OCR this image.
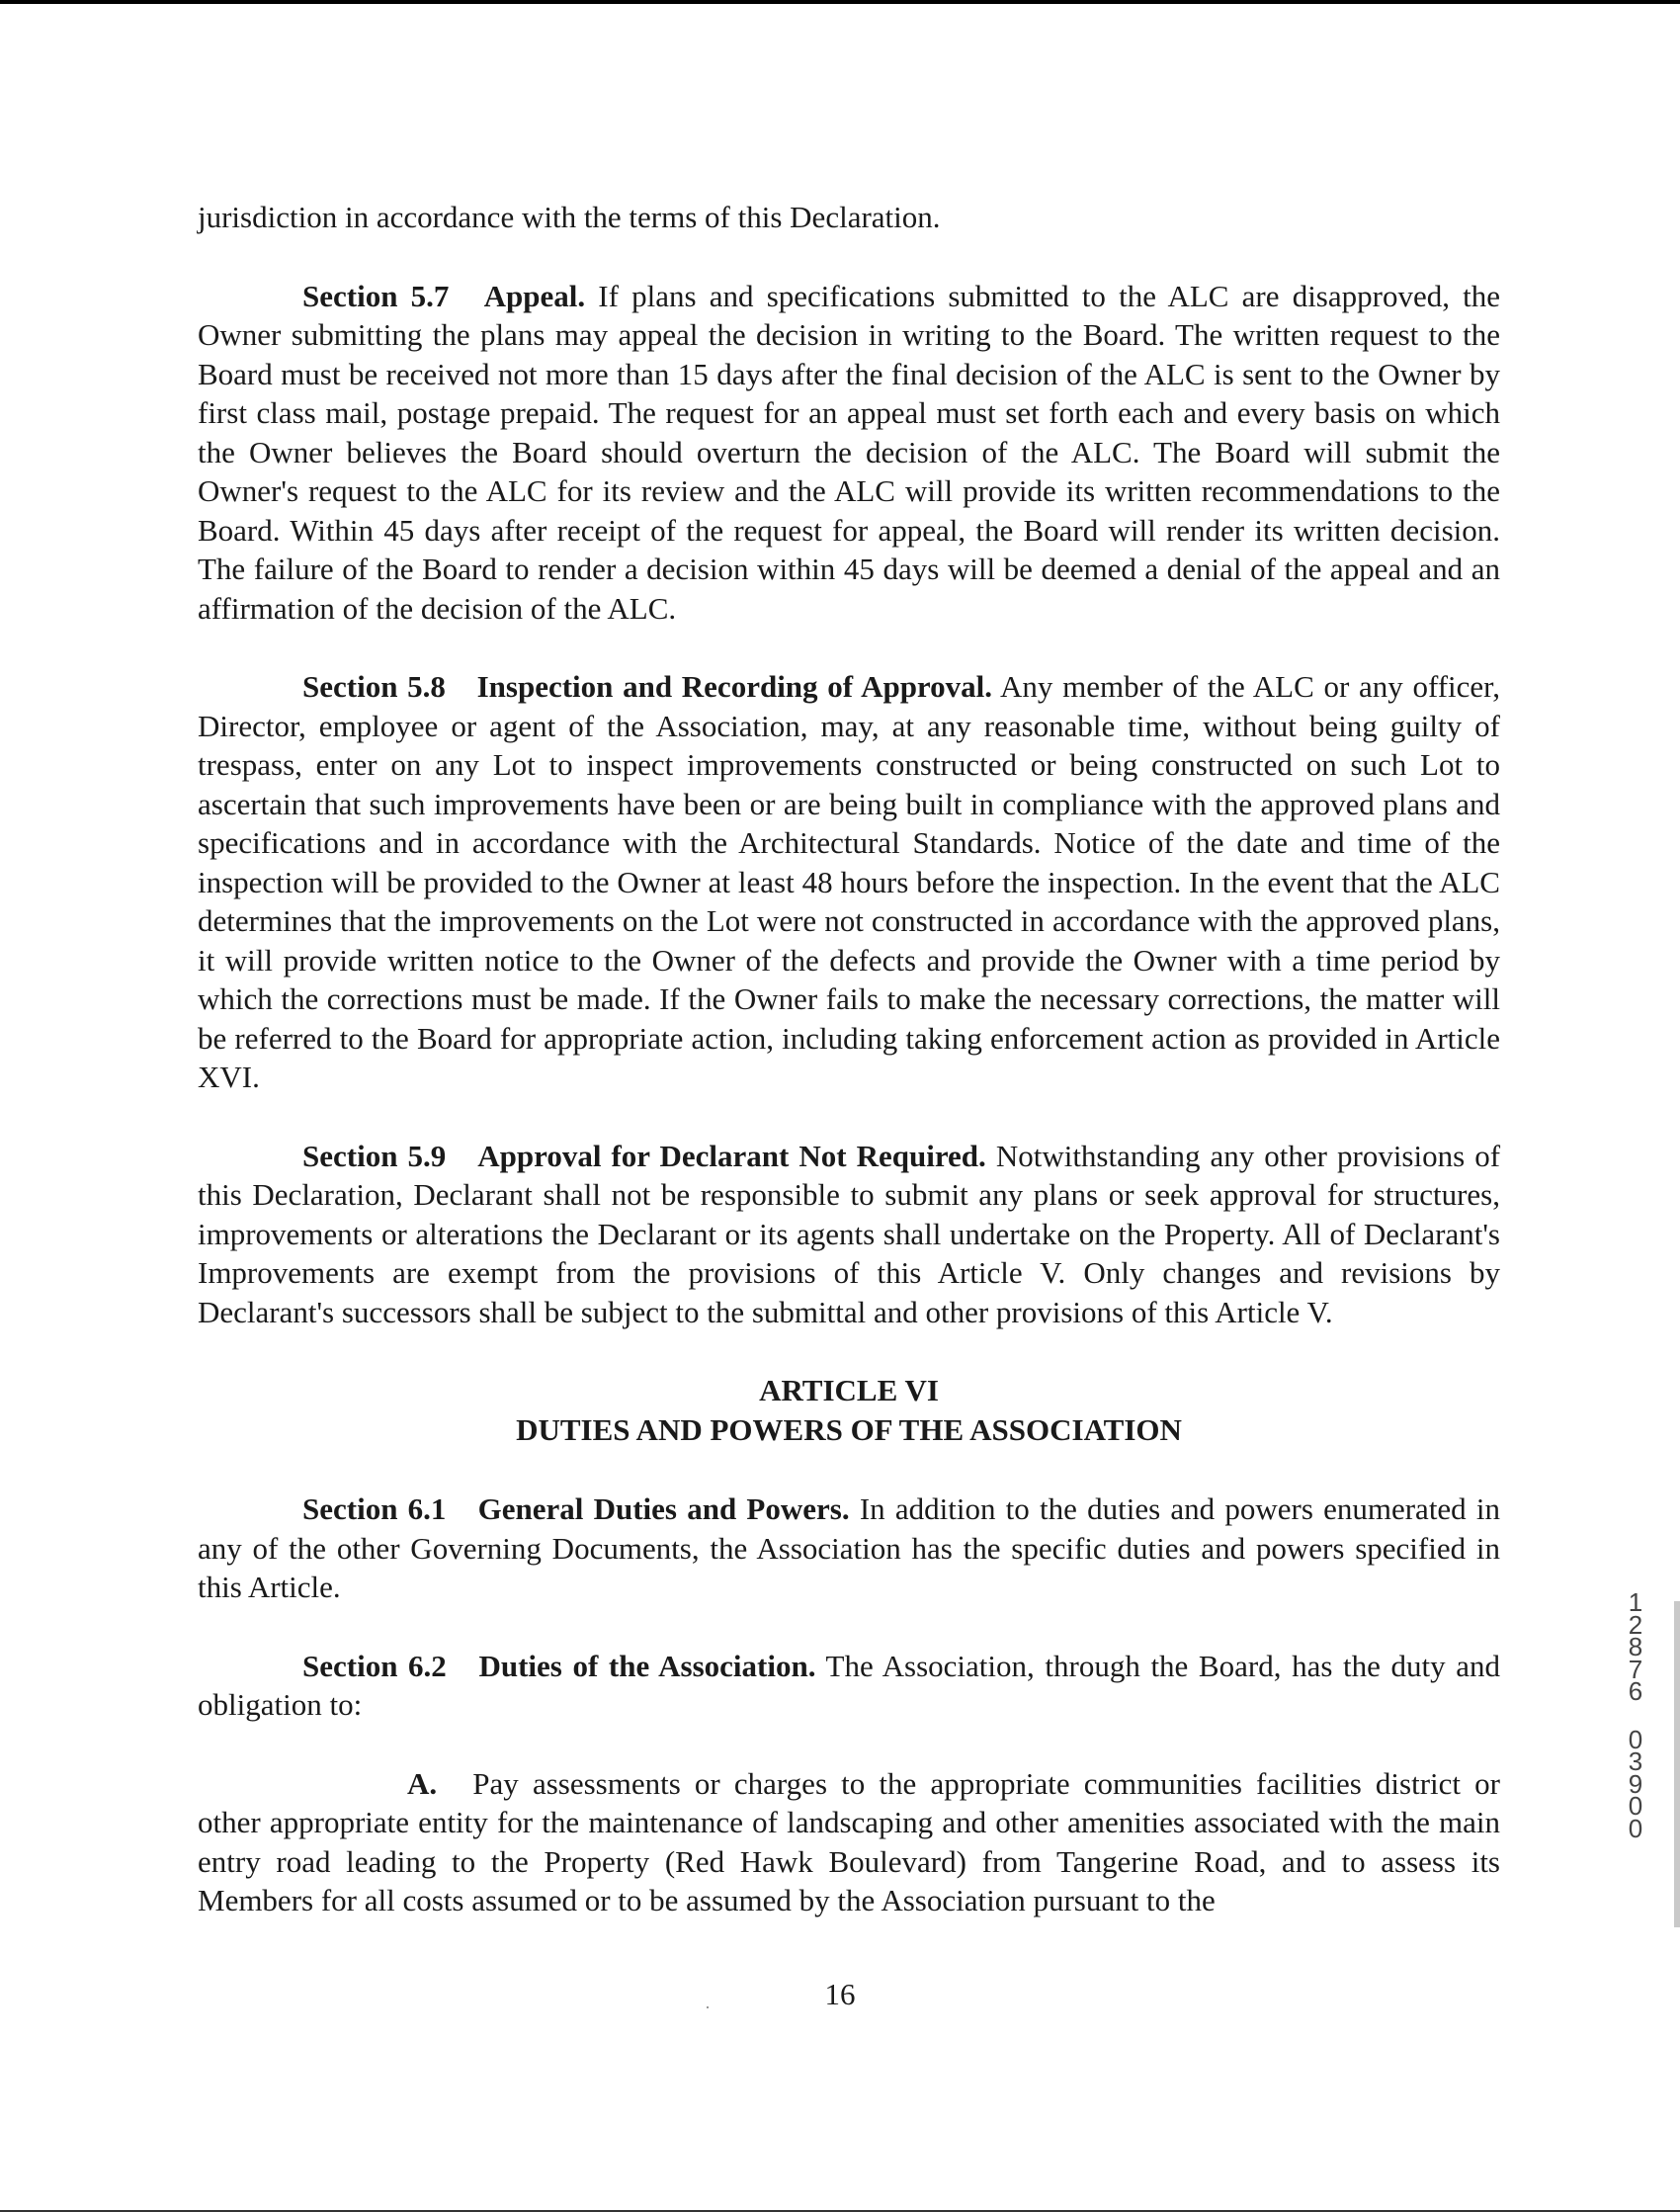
jurisdiction in accordance with the terms of this Declaration.

Section 5.7 Appeal. If plans and specifications submitted to the ALC are disapproved, the Owner submitting the plans may appeal the decision in writing to the Board. The written request to the Board must be received not more than 15 days after the final decision of the ALC is sent to the Owner by first class mail, postage prepaid. The request for an appeal must set forth each and every basis on which the Owner believes the Board should overturn the decision of the ALC. The Board will submit the Owner's request to the ALC for its review and the ALC will provide its written recommendations to the Board. Within 45 days after receipt of the request for appeal, the Board will render its written decision. The failure of the Board to render a decision within 45 days will be deemed a denial of the appeal and an affirmation of the decision of the ALC.

Section 5.8 Inspection and Recording of Approval. Any member of the ALC or any officer, Director, employee or agent of the Association, may, at any reasonable time, without being guilty of trespass, enter on any Lot to inspect improvements constructed or being constructed on such Lot to ascertain that such improvements have been or are being built in compliance with the approved plans and specifications and in accordance with the Architectural Standards. Notice of the date and time of the inspection will be provided to the Owner at least 48 hours before the inspection. In the event that the ALC determines that the improvements on the Lot were not constructed in accordance with the approved plans, it will provide written notice to the Owner of the defects and provide the Owner with a time period by which the corrections must be made. If the Owner fails to make the necessary corrections, the matter will be referred to the Board for appropriate action, including taking enforcement action as provided in Article XVI.

Section 5.9 Approval for Declarant Not Required. Notwithstanding any other provisions of this Declaration, Declarant shall not be responsible to submit any plans or seek approval for structures, improvements or alterations the Declarant or its agents shall undertake on the Property. All of Declarant's Improvements are exempt from the provisions of this Article V. Only changes and revisions by Declarant's successors shall be subject to the submittal and other provisions of this Article V.

ARTICLE VI
DUTIES AND POWERS OF THE ASSOCIATION

Section 6.1 General Duties and Powers. In addition to the duties and powers enumerated in any of the other Governing Documents, the Association has the specific duties and powers specified in this Article.

Section 6.2 Duties of the Association. The Association, through the Board, has the duty and obligation to:

A. Pay assessments or charges to the appropriate communities facilities district or other appropriate entity for the maintenance of landscaping and other amenities associated with the main entry road leading to the Property (Red Hawk Boulevard) from Tangerine Road, and to assess its Members for all costs assumed or to be assumed by the Association pursuant to the

16
1
2
8
7
6
0
3
9
0
0
